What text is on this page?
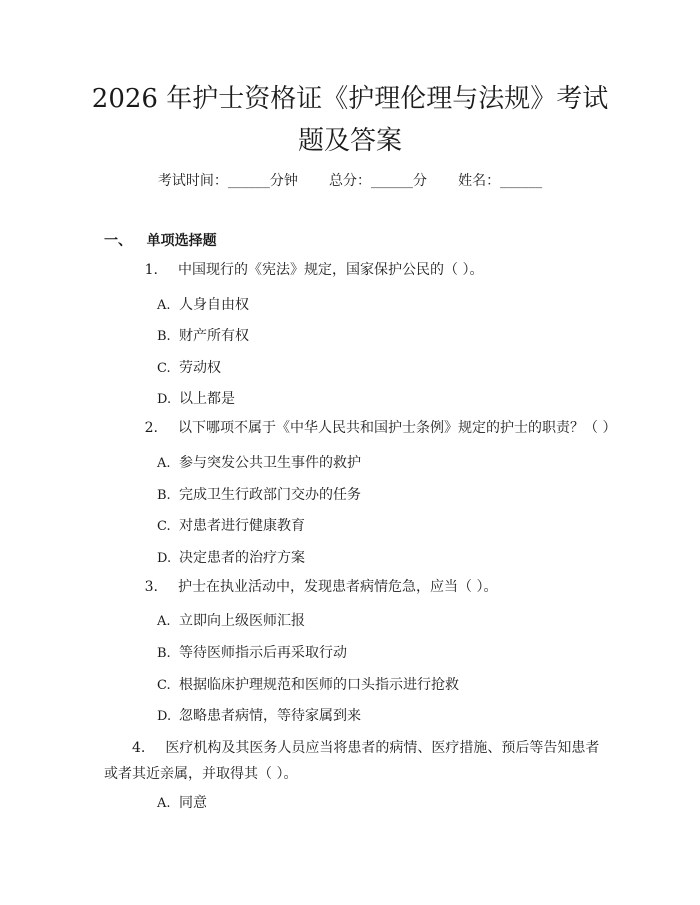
2026 年护士资格证《护理伦理与法规》考试
题及答案
考试时间：______分钟 总分：______分 姓名：______
一、 单项选择题
1. 中国现行的《宪法》规定，国家保护公民的（ ）。
A. 人身自由权
B. 财产所有权
C. 劳动权
D. 以上都是
2. 以下哪项不属于《中华人民共和国护士条例》规定的护士的职责？（ ）
A. 参与突发公共卫生事件的救护
B. 完成卫生行政部门交办的任务
C. 对患者进行健康教育
D. 决定患者的治疗方案
3. 护士在执业活动中，发现患者病情危急，应当（ ）。
A. 立即向上级医师汇报
B. 等待医师指示后再采取行动
C. 根据临床护理规范和医师的口头指示进行抢救
D. 忽略患者病情，等待家属到来
4. 医疗机构及其医务人员应当将患者的病情、医疗措施、预后等告知患者或者其近亲属，并取得其（ ）。
A. 同意
